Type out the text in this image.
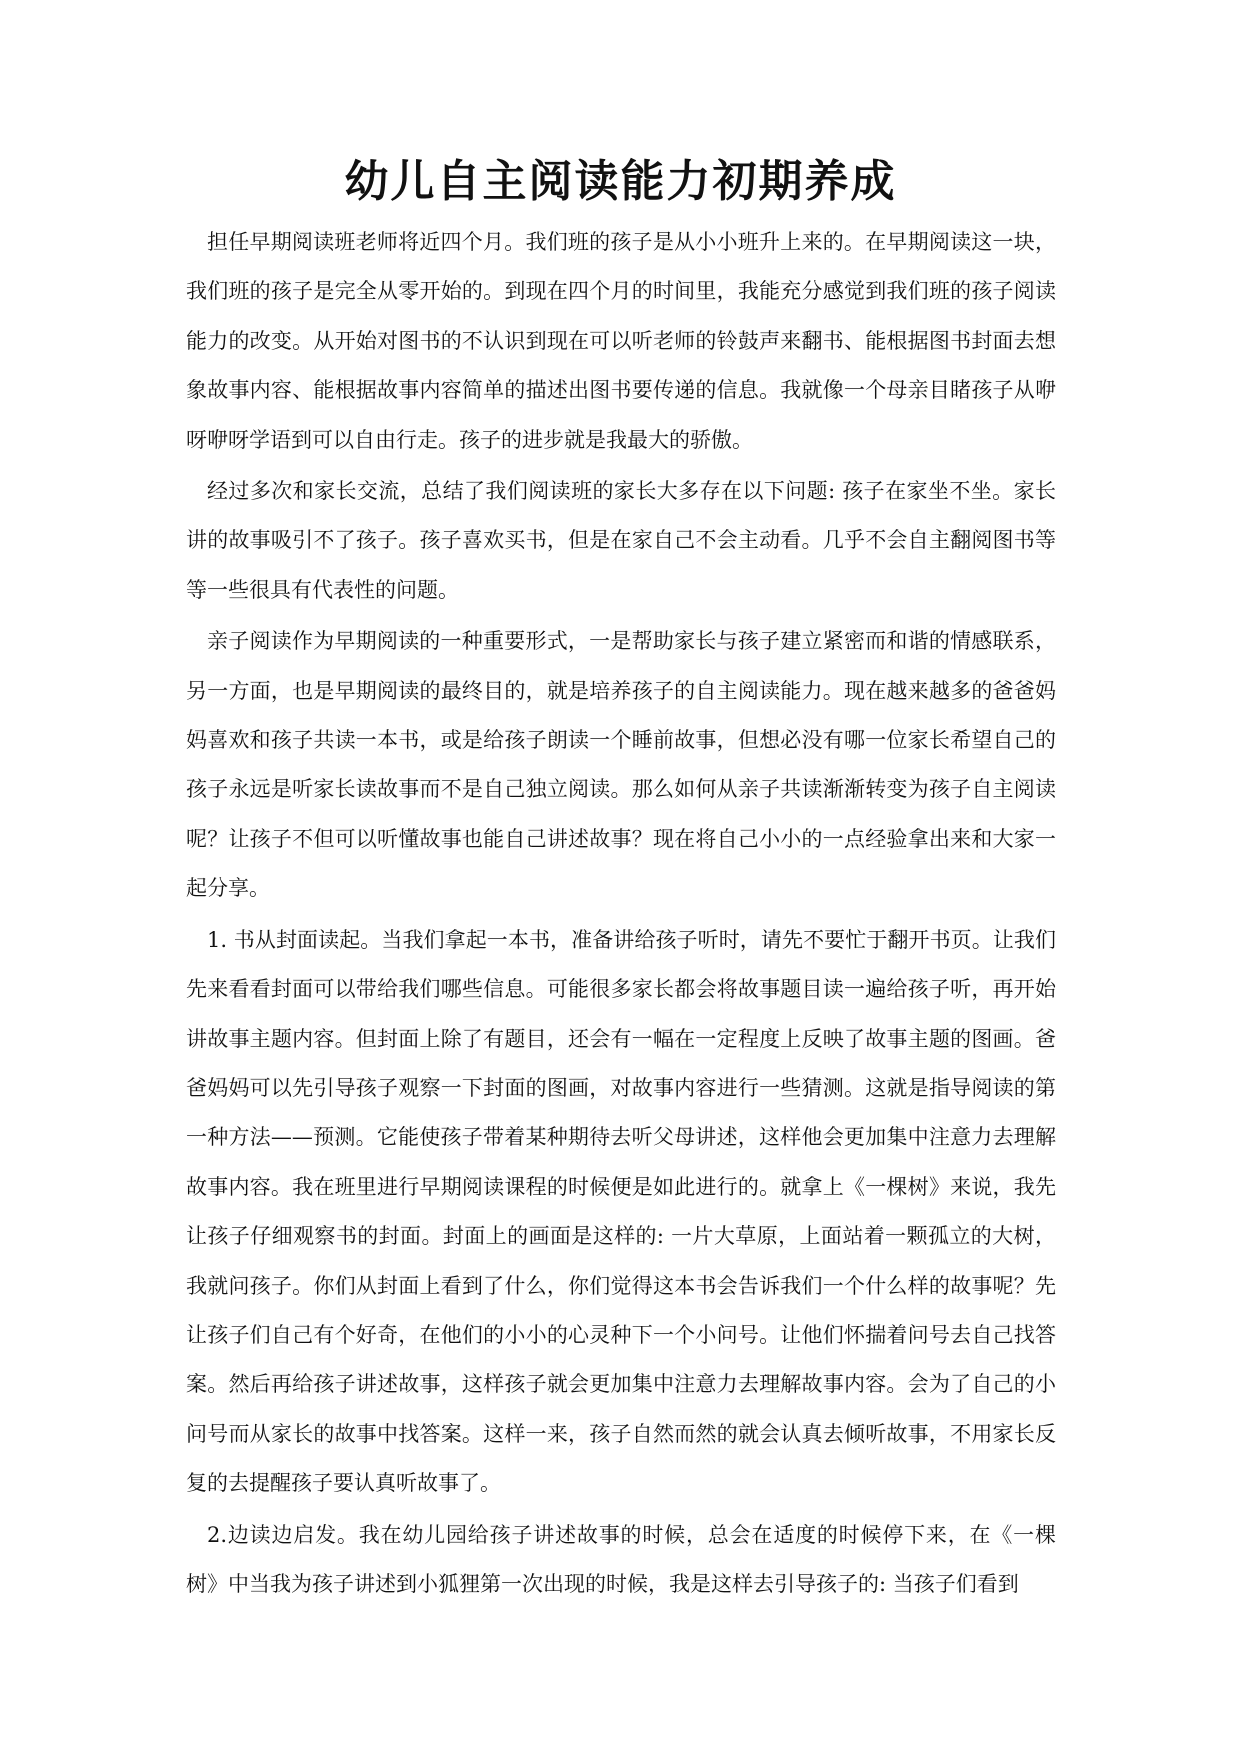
幼儿自主阅读能力初期养成

担任早期阅读班老师将近四个月。我们班的孩子是从小小班升上来的。在早期阅读这一块，我们班的孩子是完全从零开始的。到现在四个月的时间里，我能充分感觉到我们班的孩子阅读能力的改变。从开始对图书的不认识到现在可以听老师的铃鼓声来翻书、能根据图书封面去想象故事内容、能根据故事内容简单的描述出图书要传递的信息。我就像一个母亲目睹孩子从咿呀咿呀学语到可以自由行走。孩子的进步就是我最大的骄傲。

经过多次和家长交流，总结了我们阅读班的家长大多存在以下问题: 孩子在家坐不坐。家长讲的故事吸引不了孩子。孩子喜欢买书，但是在家自己不会主动看。几乎不会自主翻阅图书等等一些很具有代表性的问题。

亲子阅读作为早期阅读的一种重要形式，一是帮助家长与孩子建立紧密而和谐的情感联系，另一方面，也是早期阅读的最终目的，就是培养孩子的自主阅读能力。现在越来越多的爸爸妈妈喜欢和孩子共读一本书，或是给孩子朗读一个睡前故事，但想必没有哪一位家长希望自己的孩子永远是听家长读故事而不是自己独立阅读。那么如何从亲子共读渐渐转变为孩子自主阅读呢？让孩子不但可以听懂故事也能自己讲述故事？现在将自己小小的一点经验拿出来和大家一起分享。

1. 书从封面读起。当我们拿起一本书，准备讲给孩子听时，请先不要忙于翻开书页。让我们先来看看封面可以带给我们哪些信息。可能很多家长都会将故事题目读一遍给孩子听，再开始讲故事主题内容。但封面上除了有题目，还会有一幅在一定程度上反映了故事主题的图画。爸爸妈妈可以先引导孩子观察一下封面的图画，对故事内容进行一些猜测。这就是指导阅读的第一种方法——预测。它能使孩子带着某种期待去听父母讲述，这样他会更加集中注意力去理解故事内容。我在班里进行早期阅读课程的时候便是如此进行的。就拿上《一棵树》来说，我先让孩子仔细观察书的封面。封面上的画面是这样的: 一片大草原，上面站着一颗孤立的大树，我就问孩子。你们从封面上看到了什么，你们觉得这本书会告诉我们一个什么样的故事呢？先让孩子们自己有个好奇，在他们的小小的心灵种下一个小问号。让他们怀揣着问号去自己找答案。然后再给孩子讲述故事，这样孩子就会更加集中注意力去理解故事内容。会为了自己的小问号而从家长的故事中找答案。这样一来，孩子自然而然的就会认真去倾听故事，不用家长反复的去提醒孩子要认真听故事了。

2.边读边启发。我在幼儿园给孩子讲述故事的时候，总会在适度的时候停下来，在《一棵树》中当我为孩子讲述到小狐狸第一次出现的时候，我是这样去引导孩子的: 当孩子们看到
